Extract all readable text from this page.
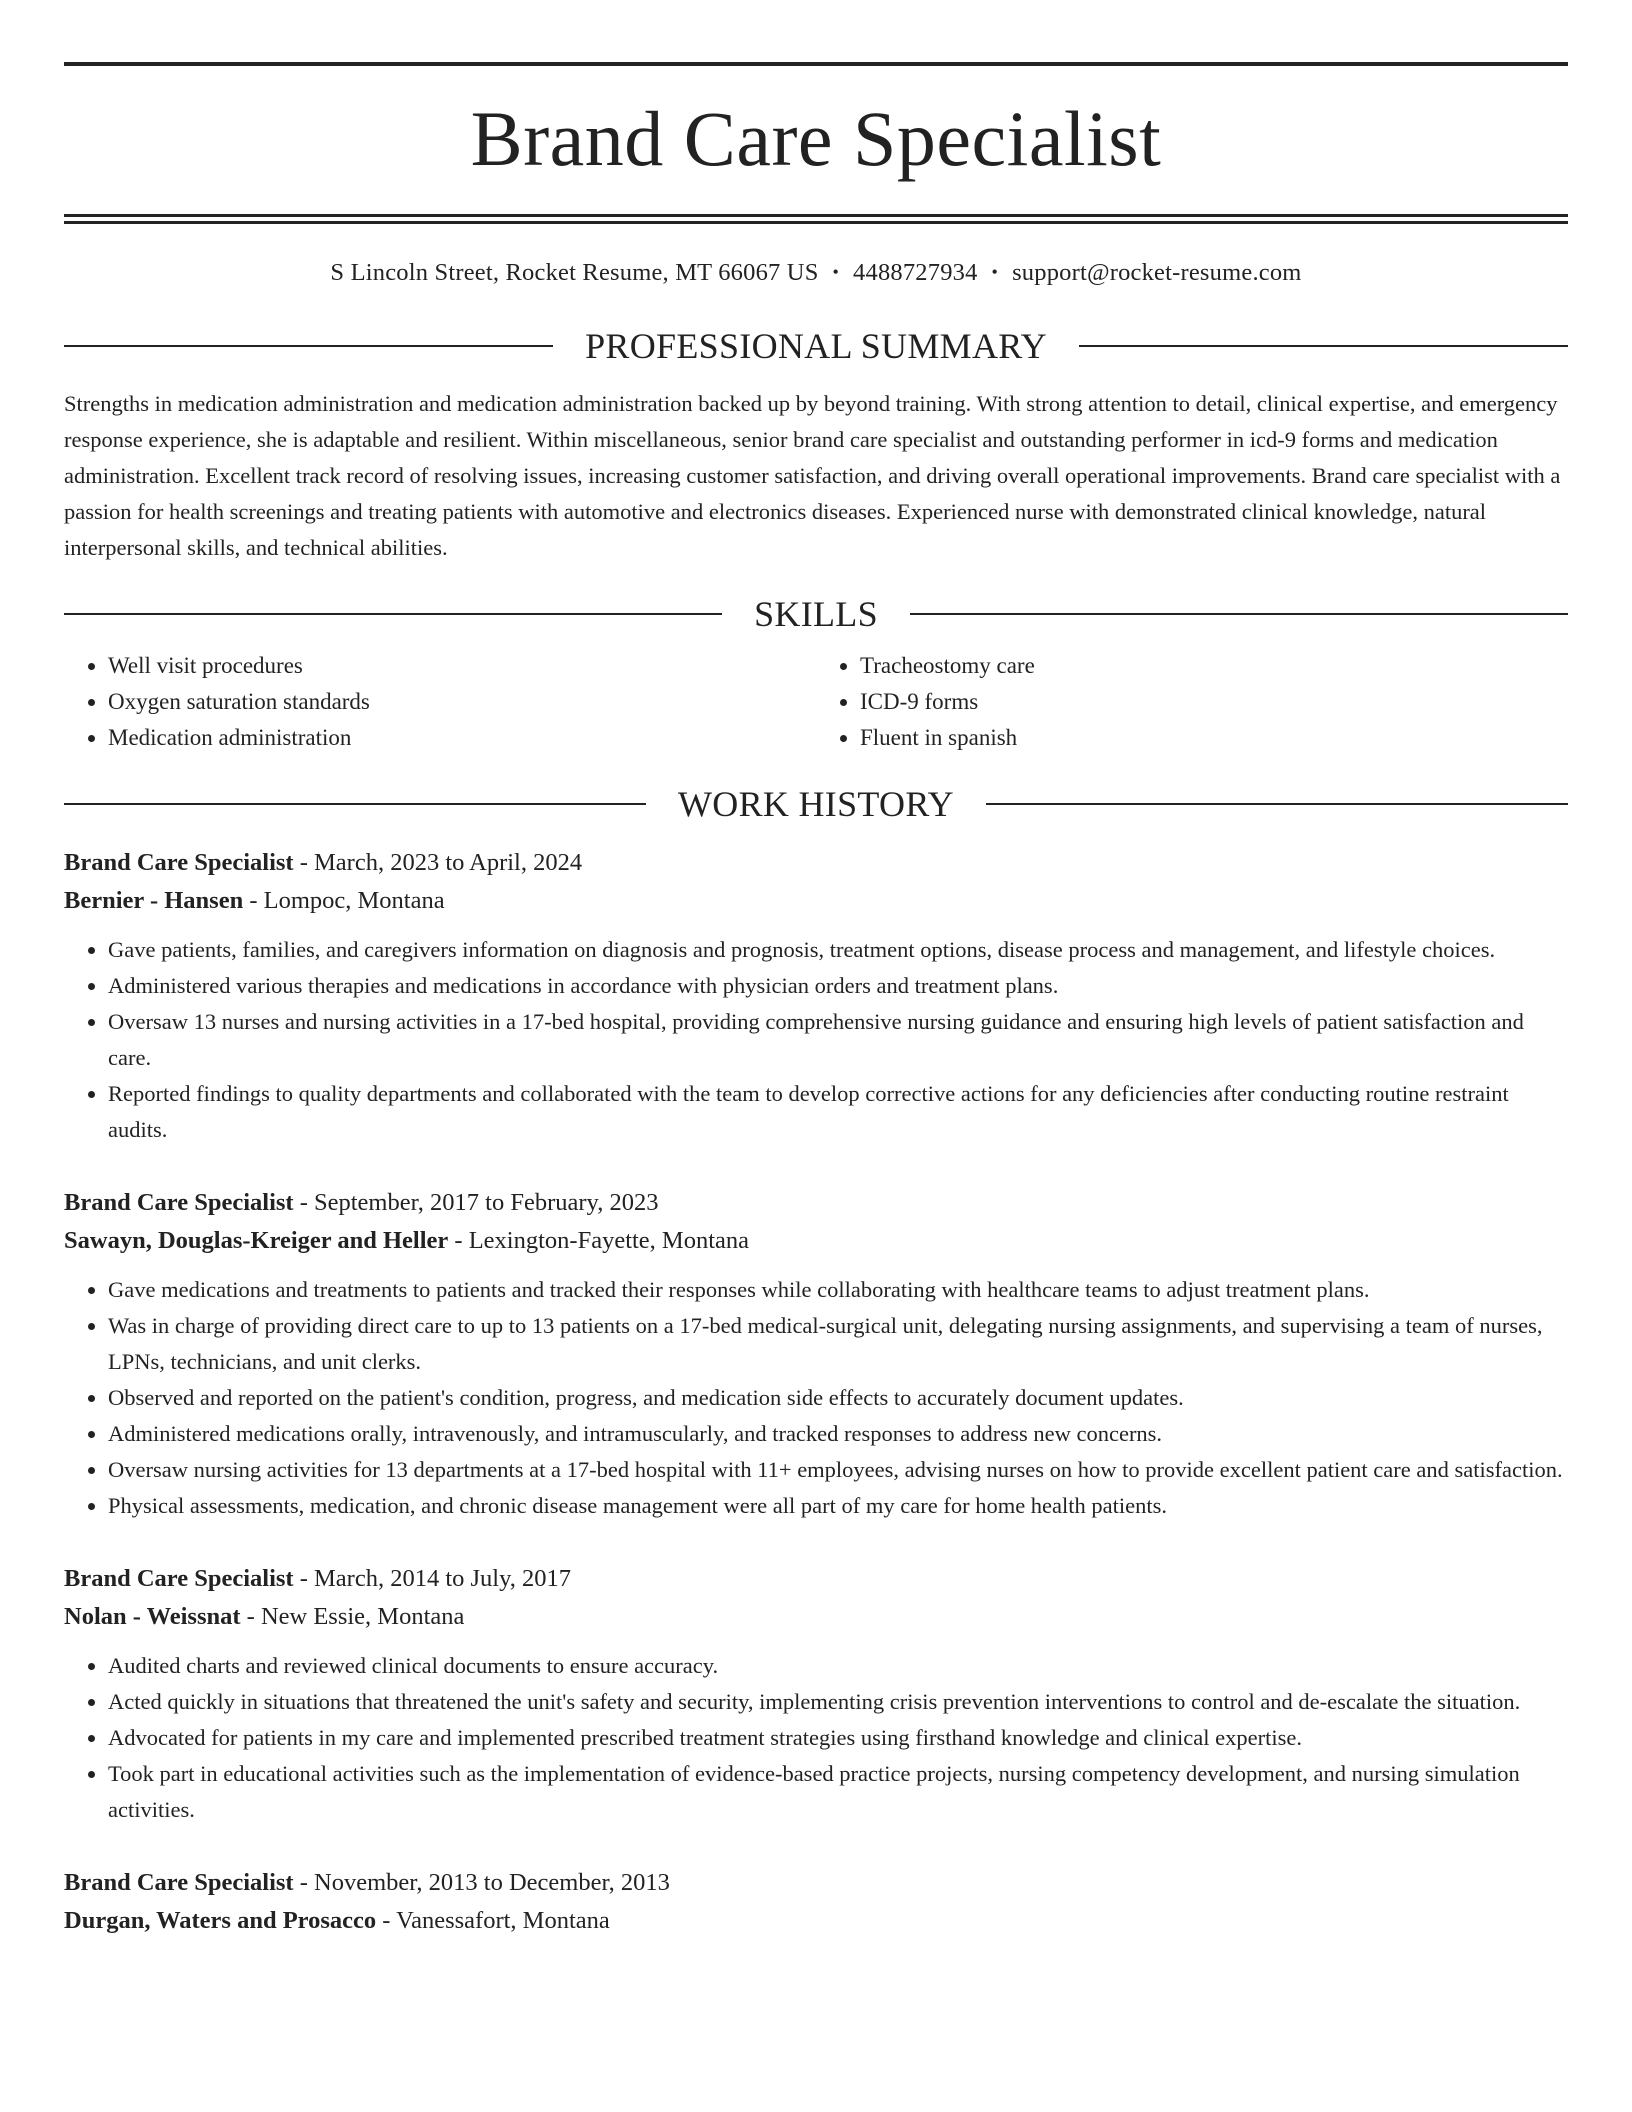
Brand Care Specialist
S Lincoln Street, Rocket Resume, MT 66067 US • 4488727934 • support@rocket-resume.com
PROFESSIONAL SUMMARY

Strengths in medication administration and medication administration backed up by beyond training. With strong attention to detail, clinical expertise, and emergency response experience, she is adaptable and resilient. Within miscellaneous, senior brand care specialist and outstanding performer in icd-9 forms and medication administration. Excellent track record of resolving issues, increasing customer satisfaction, and driving overall operational improvements. Brand care specialist with a passion for health screenings and treating patients with automotive and electronics diseases. Experienced nurse with demonstrated clinical knowledge, natural interpersonal skills, and technical abilities.

SKILLS
• Well visit procedures
• Oxygen saturation standards
• Medication administration
• Tracheostomy care
• ICD-9 forms
• Fluent in spanish
WORK HISTORY
Brand Care Specialist - March, 2023 to April, 2024
Bernier - Hansen - Lompoc, Montana
• Gave patients, families, and caregivers information on diagnosis and prognosis, treatment options, disease process and management, and lifestyle choices.
• Administered various therapies and medications in accordance with physician orders and treatment plans.
• Oversaw 13 nurses and nursing activities in a 17-bed hospital, providing comprehensive nursing guidance and ensuring high levels of patient satisfaction and care.
• Reported findings to quality departments and collaborated with the team to develop corrective actions for any deficiencies after conducting routine restraint audits.
Brand Care Specialist - September, 2017 to February, 2023
Sawayn, Douglas-Kreiger and Heller - Lexington-Fayette, Montana
• Gave medications and treatments to patients and tracked their responses while collaborating with healthcare teams to adjust treatment plans.
• Was in charge of providing direct care to up to 13 patients on a 17-bed medical-surgical unit, delegating nursing assignments, and supervising a team of nurses, LPNs, technicians, and unit clerks.
• Observed and reported on the patient's condition, progress, and medication side effects to accurately document updates.
• Administered medications orally, intravenously, and intramuscularly, and tracked responses to address new concerns.
• Oversaw nursing activities for 13 departments at a 17-bed hospital with 11+ employees, advising nurses on how to provide excellent patient care and satisfaction.
• Physical assessments, medication, and chronic disease management were all part of my care for home health patients.
Brand Care Specialist - March, 2014 to July, 2017
Nolan - Weissnat - New Essie, Montana
• Audited charts and reviewed clinical documents to ensure accuracy.
• Acted quickly in situations that threatened the unit's safety and security, implementing crisis prevention interventions to control and de-escalate the situation.
• Advocated for patients in my care and implemented prescribed treatment strategies using firsthand knowledge and clinical expertise.
• Took part in educational activities such as the implementation of evidence-based practice projects, nursing competency development, and nursing simulation activities.
Brand Care Specialist - November, 2013 to December, 2013
Durgan, Waters and Prosacco - Vanessafort, Montana
